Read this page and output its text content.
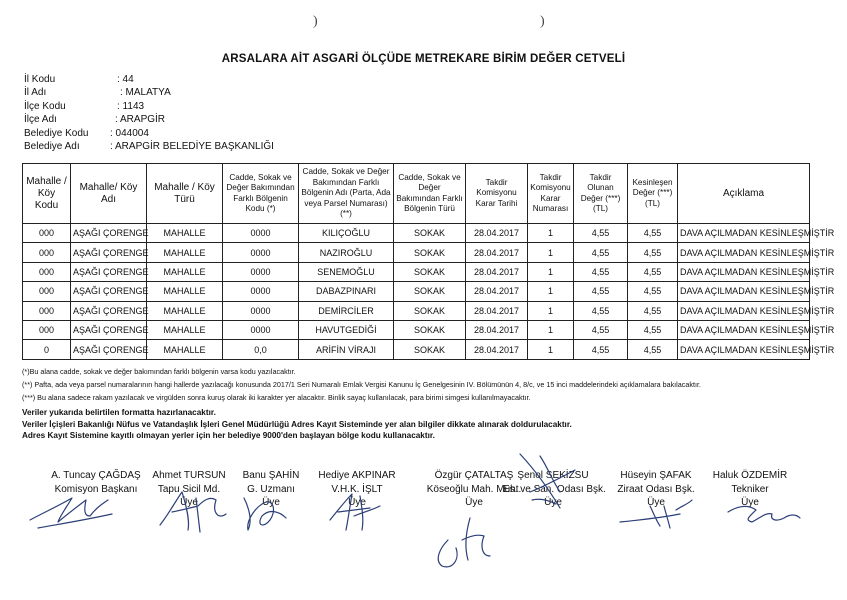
)	)
ARSALARA AİT ASGARİ ÖLÇÜDE METREKARE BİRİM DEĞER CETVELİ
İl Kodu	: 44
İl Adı	: MALATYA
İlçe Kodu	: 1143
İlçe Adı	: ARAPGİR
Belediye Kodu : 044004
Belediye Adı	: ARAPGİR BELEDİYE BAŞKANLIĞI
Mahalle / Köy Kodu	Mahalle/ Köy Adı	Mahalle / Köy Türü	Cadde, Sokak ve Değer Bakımından Farklı Bölgenin Kodu (*)	Cadde, Sokak ve Değer Bakımından Farklı Bölgenin Adı (Parta, Ada veya Parsel Numarası)(**)	Cadde, Sokak ve Değer Bakımından Farklı Bölgenin Türü	Takdir Komisyonu Karar Tarihi	Takdir Komisyonu Karar Numarası	Takdir Olunan Değer (***) (TL)	Kesinleşen Değer (***) (TL)	Açıklama
000	AŞAĞI ÇORENGE	MAHALLE	0000	KILIÇOĞLU	SOKAK	28.04.2017	1	4,55	4,55	DAVA AÇILMADAN KESİNLEŞMİŞTİR
000	AŞAĞI ÇORENGE	MAHALLE	0000	NAZIROĞLU	SOKAK	28.04.2017	1	4,55	4,55	DAVA AÇILMADAN KESİNLEŞMİŞTİR
000	AŞAĞI ÇORENGE	MAHALLE	0000	SENEMOĞLU	SOKAK	28.04.2017	1	4,55	4,55	DAVA AÇILMADAN KESİNLEŞMİŞTİR
000	AŞAĞI ÇORENGE	MAHALLE	0000	DABAZPINARI	SOKAK	28.04.2017	1	4,55	4,55	DAVA AÇILMADAN KESİNLEŞMİŞTİR
000	AŞAĞI ÇORENGE	MAHALLE	0000	DEMİRCİLER	SOKAK	28.04.2017	1	4,55	4,55	DAVA AÇILMADAN KESİNLEŞMİŞTİR
000	AŞAĞI ÇORENGE	MAHALLE	0000	HAVUTGEDİĞİ	SOKAK	28.04.2017	1	4,55	4,55	DAVA AÇILMADAN KESİNLEŞMİŞTİR
0	AŞAĞI ÇORENGE	MAHALLE	0,0	ARİFİN VİRAJI	SOKAK	28.04.2017	1	4,55	4,55	DAVA AÇILMADAN KESİNLEŞMİŞTİR
(*)Bu alana cadde, sokak ve değer bakımından farklı bölgenin varsa kodu yazılacaktır.
(**) Pafta, ada veya parsel numaralarının hangi hallerde yazılacağı konusunda 2017/1 Seri Numaralı Emlak Vergisi Kanunu İç Genelgesinin IV. Bölümünün 4, 8/c, ve 15 inci maddelerindeki açıklamalara bakılacaktır.
(***) Bu alana sadece rakam yazılacak ve virgülden sonra kuruş olarak iki karakter yer alacaktır. Binlik sayaç kullanılacak, para birimi simgesi kullanılmayacaktır.
Veriler yukarıda belirtilen formatta hazırlanacaktır.
Veriler İçişleri Bakanlığı Nüfus ve Vatandaşlık İşleri Genel Müdürlüğü Adres Kayıt Sisteminde yer alan bilgiler dikkate alınarak doldurulacaktır.
Adres Kayıt Sistemine kayıtlı olmayan yerler için her belediye 9000'den başlayan bölge kodu kullanacaktır.
A. Tuncay ÇAĞDAŞ
Komisyon Başkanı
Ahmet TURSUN
Tapu Sicil Md.
Üye
Banu ŞAHİN
G. Uzmanı
Üye
Hediye AKPINAR
V.H.K. İŞLT
Üye
Özgür ÇATALTAŞ
Köseoğlu Mah. Muht.
Üye
Şenol SEKİZSU
Es. ve San. Odası Bşk.
Üye
Hüseyin ŞAFAK
Ziraat Odası Bşk.
Üye
Haluk ÖZDEMİR
Tekniker
Üye
